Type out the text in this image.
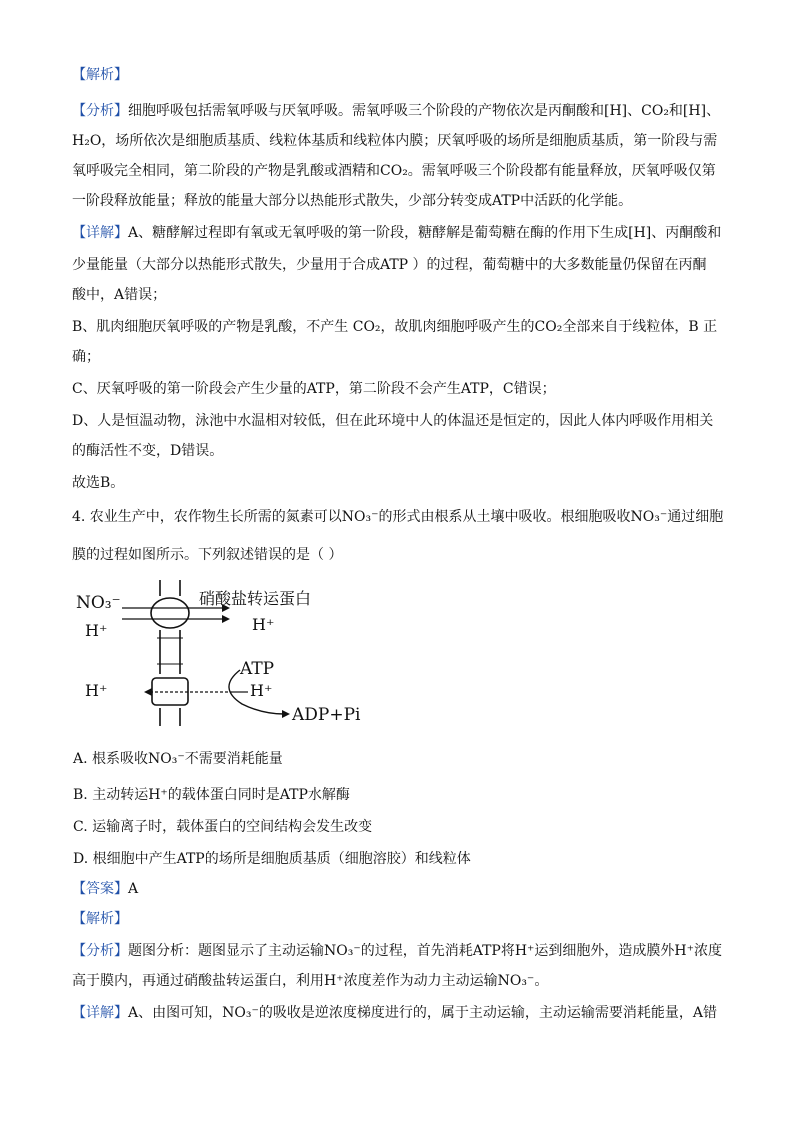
【解析】
【分析】细胞呼吸包括需氧呼吸与厌氧呼吸。需氧呼吸三个阶段的产物依次是丙酮酸和[H]、CO₂和[H]、
H₂O，场所依次是细胞质基质、线粒体基质和线粒体内膜；厌氧呼吸的场所是细胞质基质，第一阶段与需
氧呼吸完全相同，第二阶段的产物是乳酸或酒精和CO₂。需氧呼吸三个阶段都有能量释放，厌氧呼吸仅第
一阶段释放能量；释放的能量大部分以热能形式散失，少部分转变成ATP中活跃的化学能。
【详解】A、糖酵解过程即有氧或无氧呼吸的第一阶段，糖酵解是葡萄糖在酶的作用下生成[H]、丙酮酸和
少量能量（大部分以热能形式散失，少量用于合成ATP ）的过程，葡萄糖中的大多数能量仍保留在丙酮
酸中，A错误；
B、肌肉细胞厌氧呼吸的产物是乳酸，不产生 CO₂，故肌肉细胞呼吸产生的CO₂全部来自于线粒体，B 正
确；
C、厌氧呼吸的第一阶段会产生少量的ATP，第二阶段不会产生ATP，C错误；
D、人是恒温动物，泳池中水温相对较低，但在此环境中人的体温还是恒定的，因此人体内呼吸作用相关
的酶活性不变，D错误。
故选B。
4. 农业生产中，农作物生长所需的氮素可以NO₃⁻的形式由根系从土壤中吸收。根细胞吸收NO₃⁻通过细胞
膜的过程如图所示。下列叙述错误的是（ ）
NO₃⁻
H⁺
硝酸盐转运蛋白
H⁺
ATP
H⁺
H⁺
ADP+Pi
A. 根系吸收NO₃⁻不需要消耗能量
B. 主动转运H⁺的载体蛋白同时是ATP水解酶
C. 运输离子时，载体蛋白的空间结构会发生改变
D. 根细胞中产生ATP的场所是细胞质基质（细胞溶胶）和线粒体
【答案】A
【解析】
【分析】题图分析：题图显示了主动运输NO₃⁻的过程，首先消耗ATP将H⁺运到细胞外，造成膜外H⁺浓度
高于膜内，再通过硝酸盐转运蛋白，利用H⁺浓度差作为动力主动运输NO₃⁻。
【详解】A、由图可知，NO₃⁻的吸收是逆浓度梯度进行的，属于主动运输，主动运输需要消耗能量，A错
